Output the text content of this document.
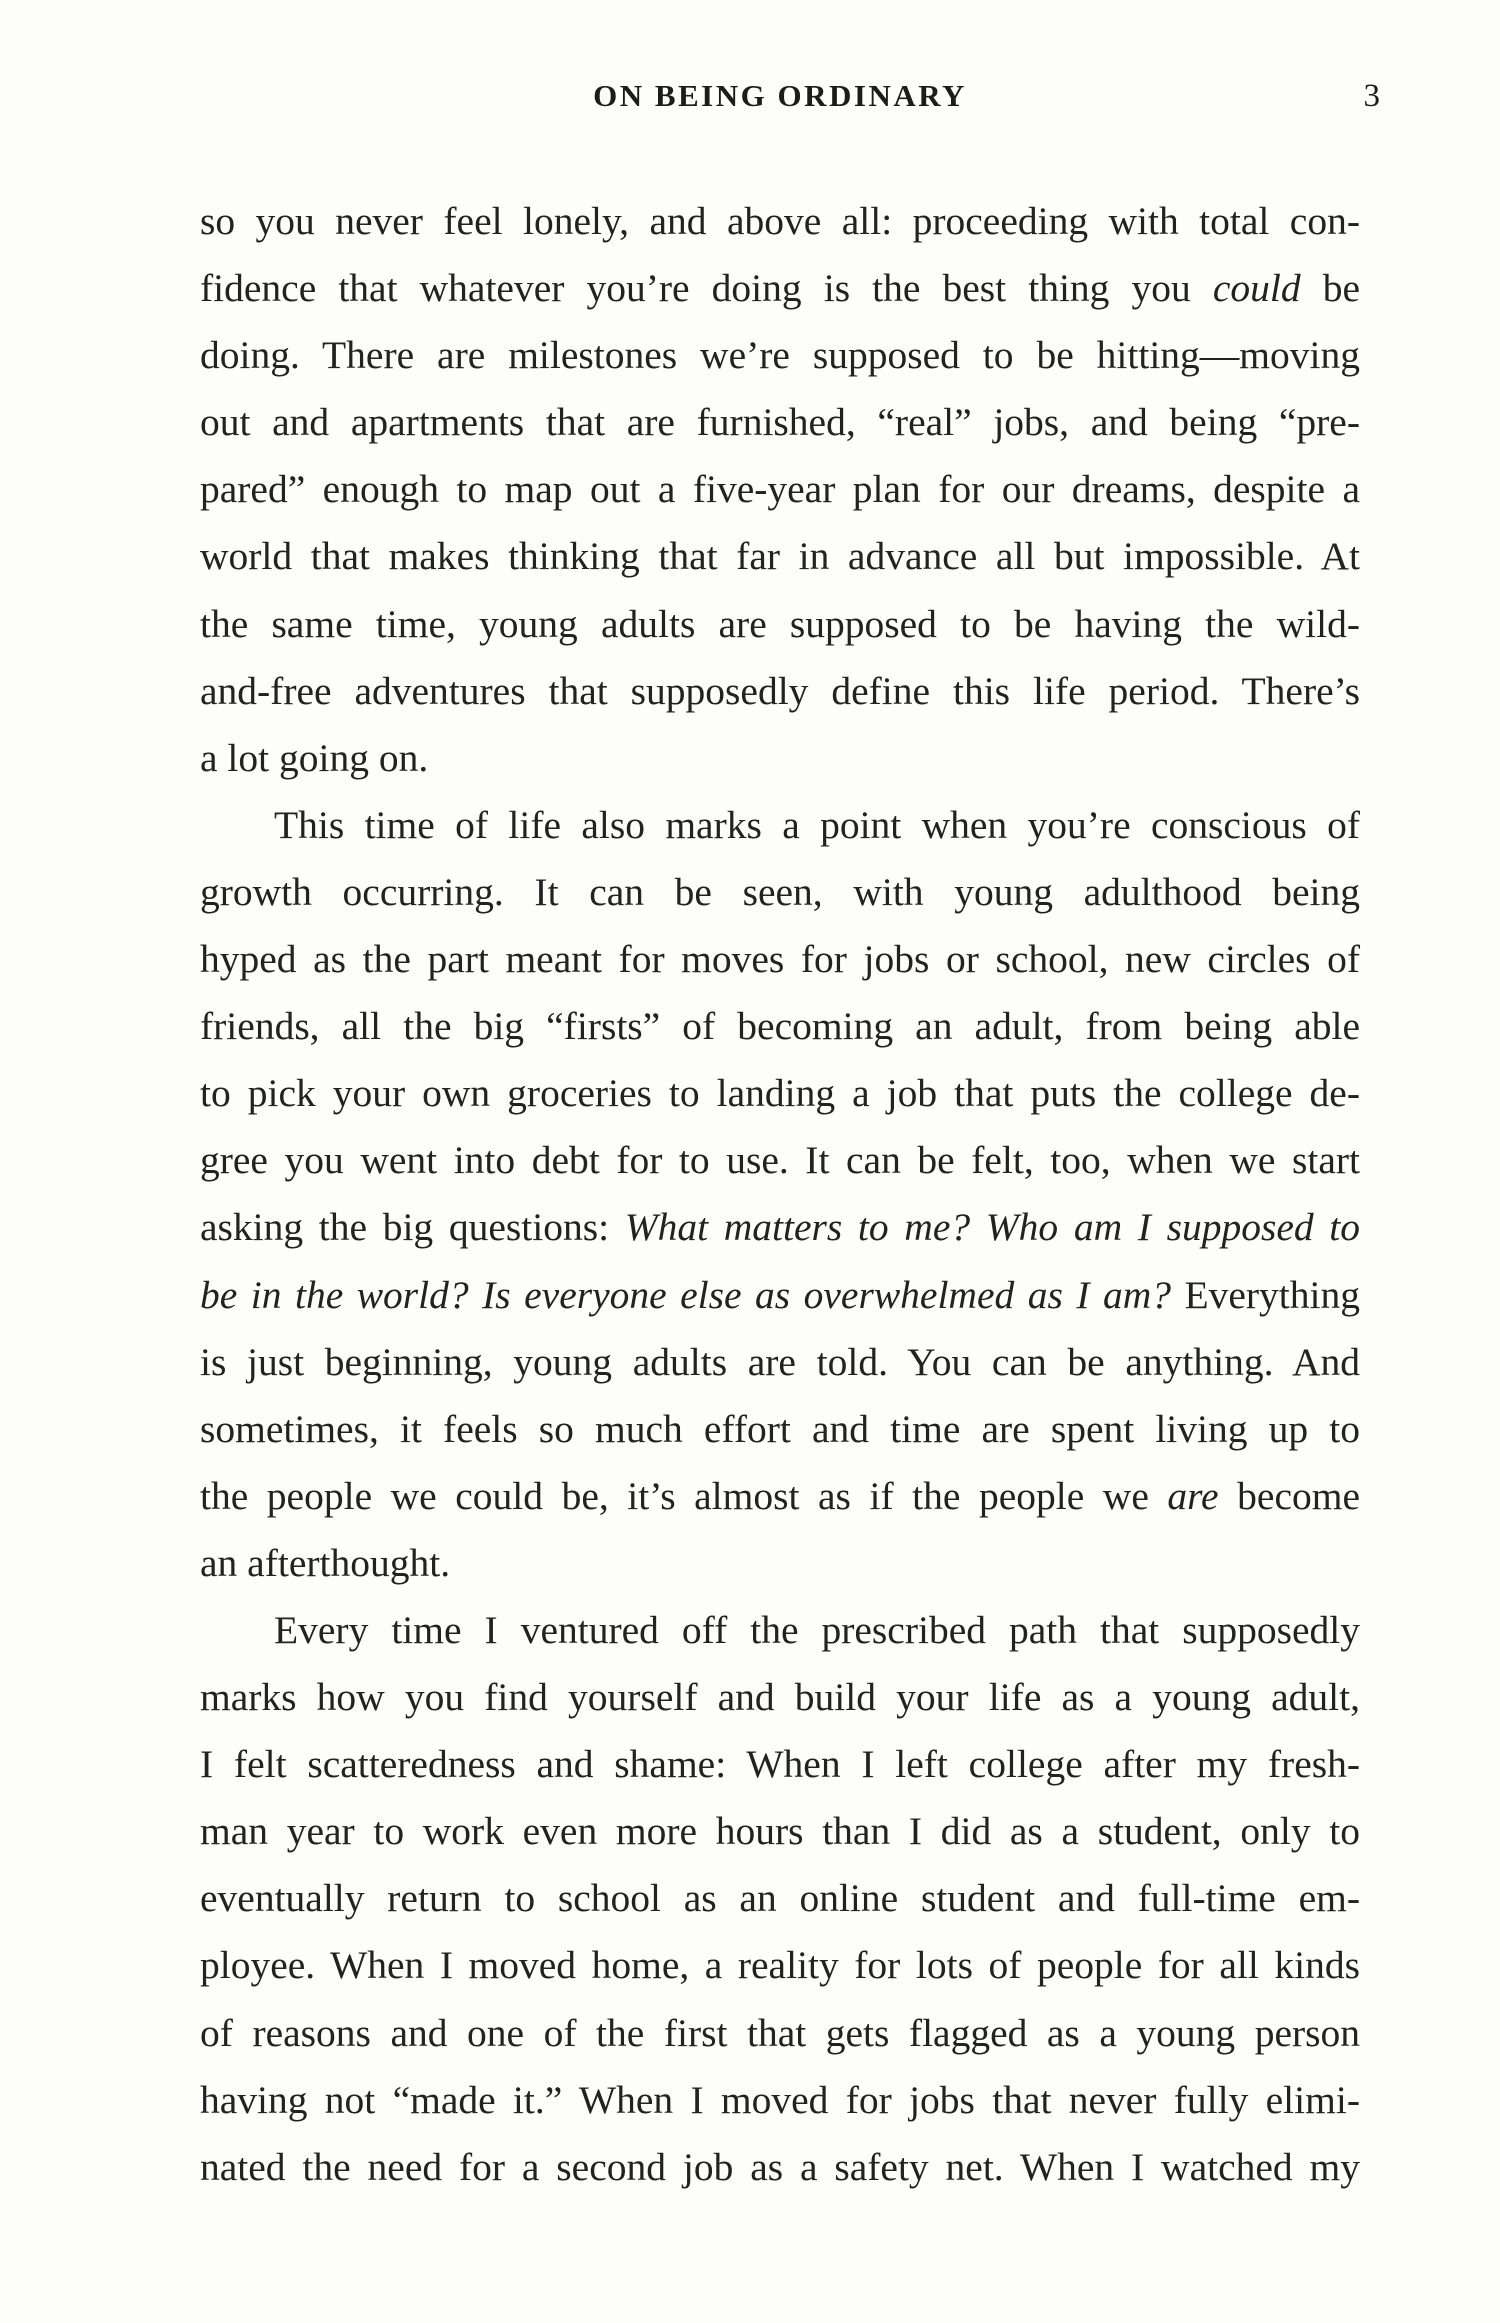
ON BEING ORDINARY	3
so you never feel lonely, and above all: proceeding with total con-
fidence that whatever you’re doing is the best thing you could be
doing. There are milestones we’re supposed to be hitting—moving
out and apartments that are furnished, “real” jobs, and being “pre-
pared” enough to map out a five-year plan for our dreams, despite a
world that makes thinking that far in advance all but impossible. At
the same time, young adults are supposed to be having the wild-
and-free adventures that supposedly define this life period. There’s
a lot going on.
This time of life also marks a point when you’re conscious of
growth occurring. It can be seen, with young adulthood being
hyped as the part meant for moves for jobs or school, new circles of
friends, all the big “firsts” of becoming an adult, from being able
to pick your own groceries to landing a job that puts the college de-
gree you went into debt for to use. It can be felt, too, when we start
asking the big questions: What matters to me? Who am I supposed to
be in the world? Is everyone else as overwhelmed as I am? Everything
is just beginning, young adults are told. You can be anything. And
sometimes, it feels so much effort and time are spent living up to
the people we could be, it’s almost as if the people we are become
an afterthought.
Every time I ventured off the prescribed path that supposedly
marks how you find yourself and build your life as a young adult,
I felt scatteredness and shame: When I left college after my fresh-
man year to work even more hours than I did as a student, only to
eventually return to school as an online student and full-time em-
ployee. When I moved home, a reality for lots of people for all kinds
of reasons and one of the first that gets flagged as a young person
having not “made it.” When I moved for jobs that never fully elimi-
nated the need for a second job as a safety net. When I watched my
